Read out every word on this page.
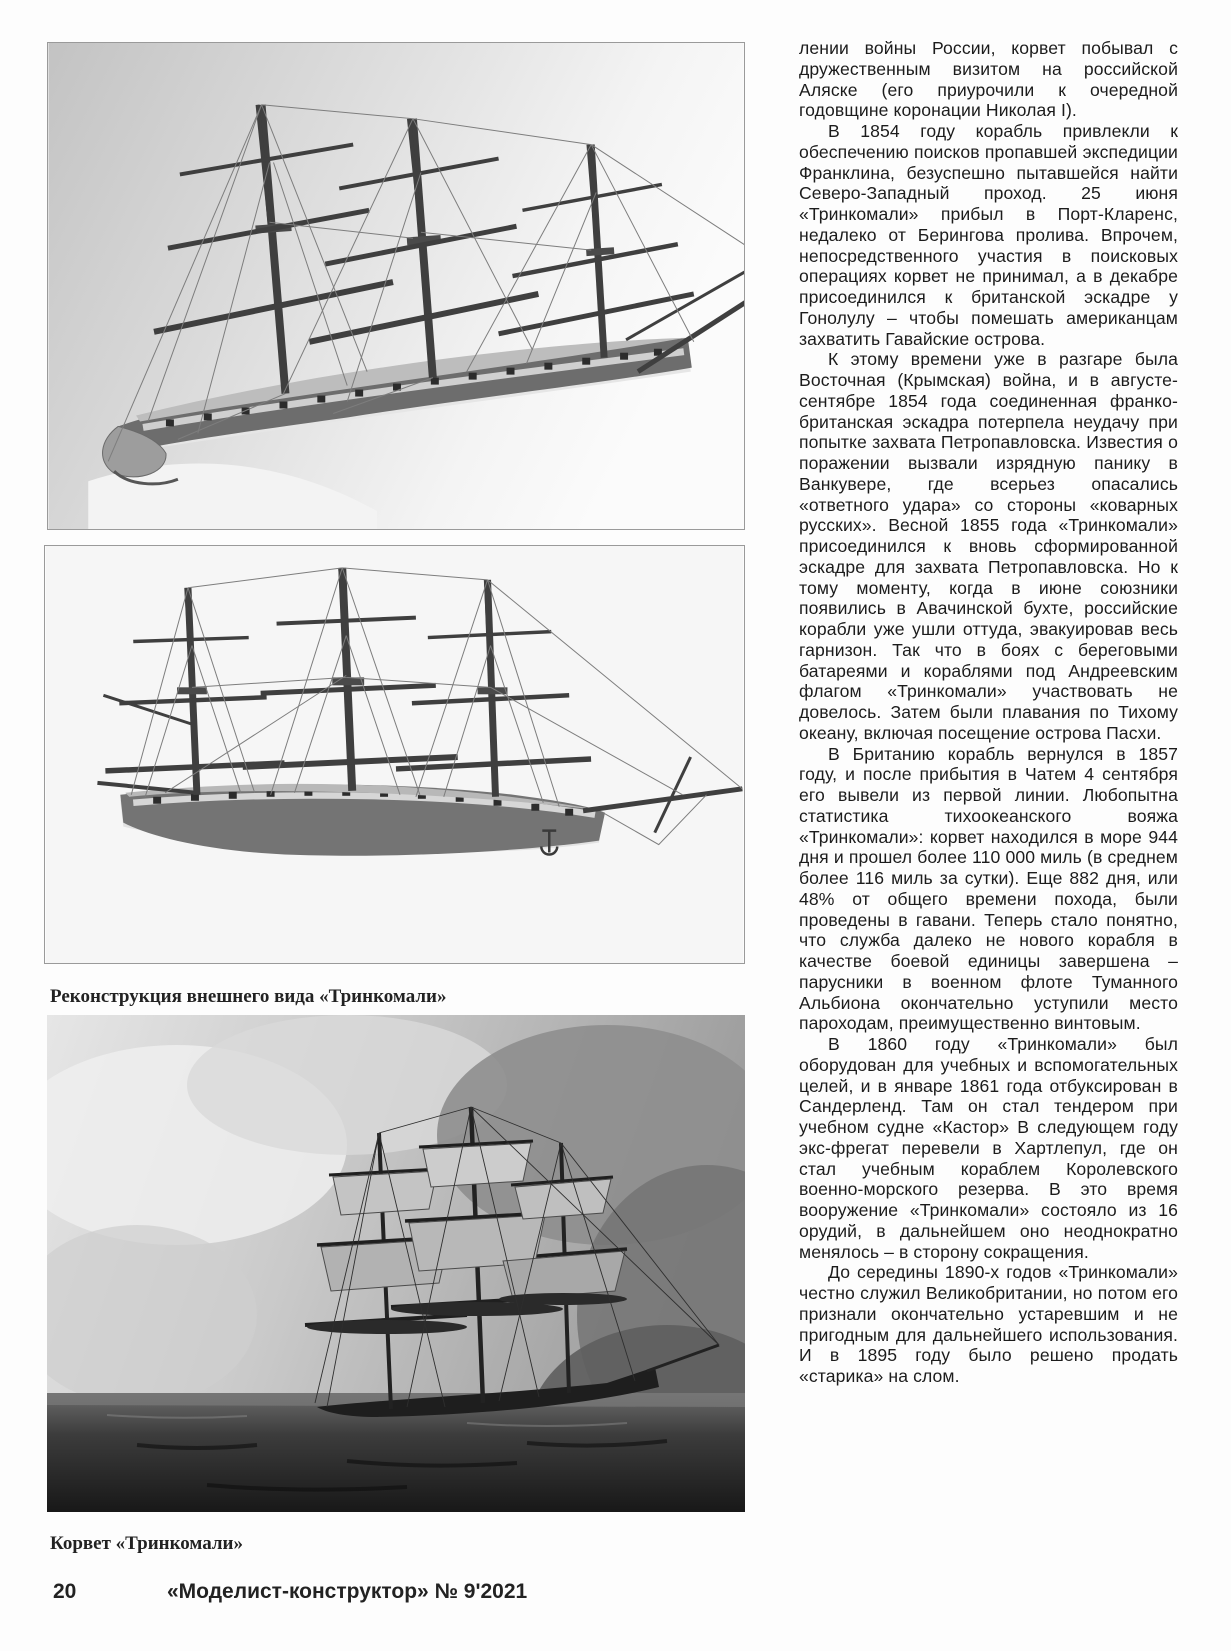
Реконструкция внешнего вида «Тринкомали»
Корвет «Тринкомали»

лении войны России, корвет побывал с дружественным визитом на российской Аляске (его приурочили к очередной годовщине коронации Николая I).

В 1854 году корабль привлекли к обеспечению поисков пропавшей экспедиции Франклина, безуспешно пытавшейся найти Северо-Западный проход. 25 июня «Тринкомали» прибыл в Порт-Кларенс, недалеко от Берингова пролива. Впрочем, непосредственного участия в поисковых операциях корвет не принимал, а в декабре присоединился к британской эскадре у Гонолулу – чтобы помешать американцам захватить Гавайские острова.

К этому времени уже в разгаре была Восточная (Крымская) война, и в августе-сентябре 1854 года соединенная франко-британская эскадра потерпела неудачу при попытке захвата Петропавловска. Известия о поражении вызвали изрядную панику в Ванкувере, где всерьез опасались «ответного удара» со стороны «коварных русских». Весной 1855 года «Тринкомали» присоединился к вновь сформированной эскадре для захвата Петропавловска. Но к тому моменту, когда в июне союзники появились в Авачинской бухте, российские корабли уже ушли оттуда, эвакуировав весь гарнизон. Так что в боях с береговыми батареями и кораблями под Андреевским флагом «Тринкомали» участвовать не довелось. Затем были плавания по Тихому океану, включая посещение острова Пасхи.

В Британию корабль вернулся в 1857 году, и после прибытия в Чатем 4 сентября его вывели из первой линии. Любопытна статистика тихоокеанского вояжа «Тринкомали»: корвет находился в море 944 дня и прошел более 110 000 миль (в среднем более 116 миль за сутки). Еще 882 дня, или 48% от общего времени похода, были проведены в гавани. Теперь стало понятно, что служба далеко не нового корабля в качестве боевой единицы завершена – парусники в военном флоте Туманного Альбиона окончательно уступили место пароходам, преимущественно винтовым.

В 1860 году «Тринкомали» был оборудован для учебных и вспомогательных целей, и в январе 1861 года отбуксирован в Сандерленд. Там он стал тендером при учебном судне «Кастор» В следующем году экс-фрегат перевели в Хартлепул, где он стал учебным кораблем Королевского военно-морского резерва. В это время вооружение «Тринкомали» состояло из 16 орудий, в дальнейшем оно неоднократно менялось – в сторону сокращения.

До середины 1890-х годов «Тринкомали» честно служил Великобритании, но потом его признали окончательно устаревшим и не пригодным для дальнейшего использования. И в 1895 году было решено продать «старика» на слом.

20	«Моделист-конструктор» № 9'2021
